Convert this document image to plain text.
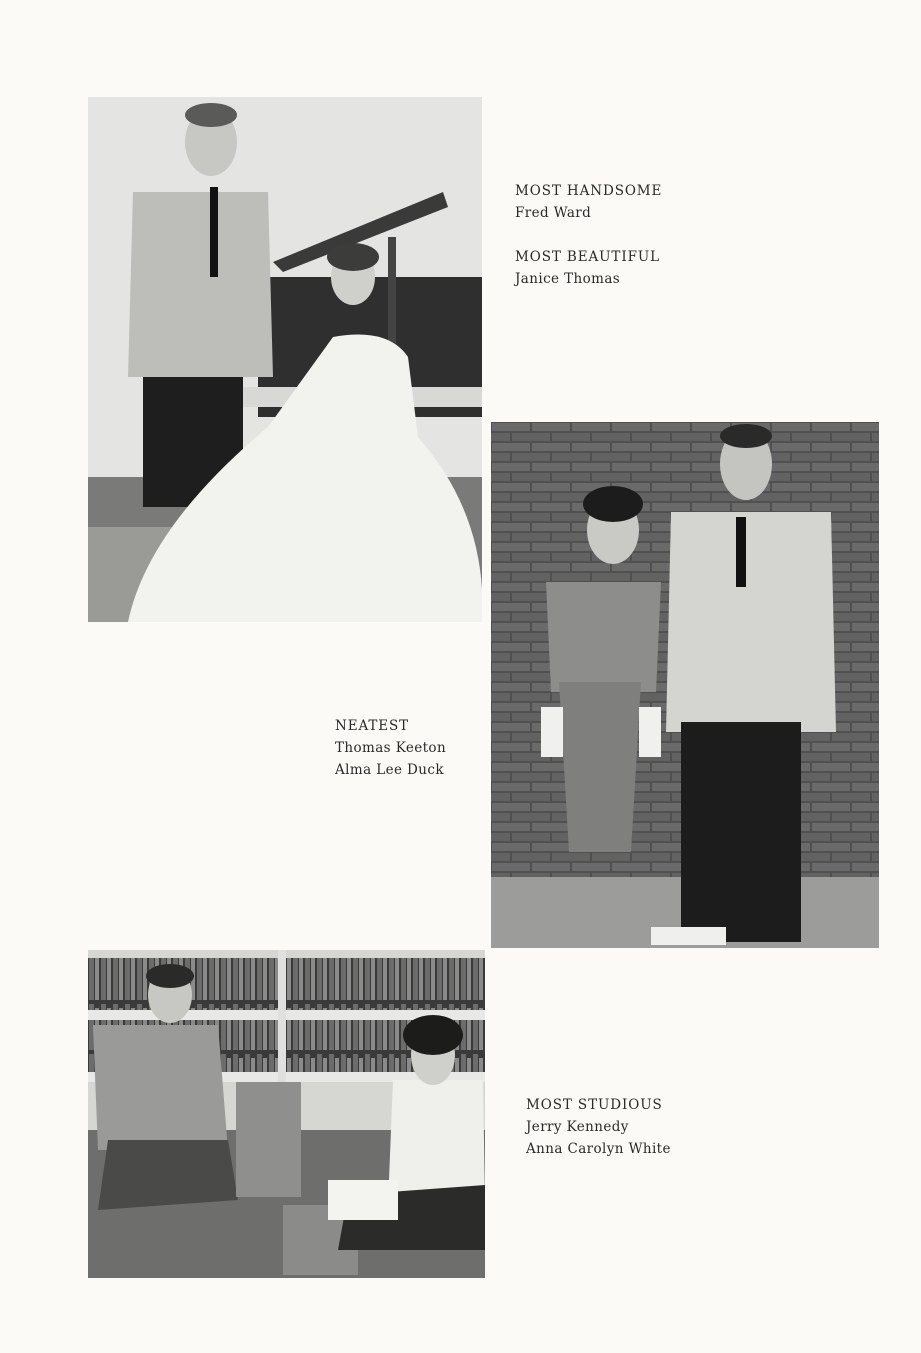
MOST HANDSOME
Fred Ward
MOST BEAUTIFUL
Janice Thomas
NEATEST
Thomas Keeton
Alma Lee Duck
MOST STUDIOUS
Jerry Kennedy
Anna Carolyn White
